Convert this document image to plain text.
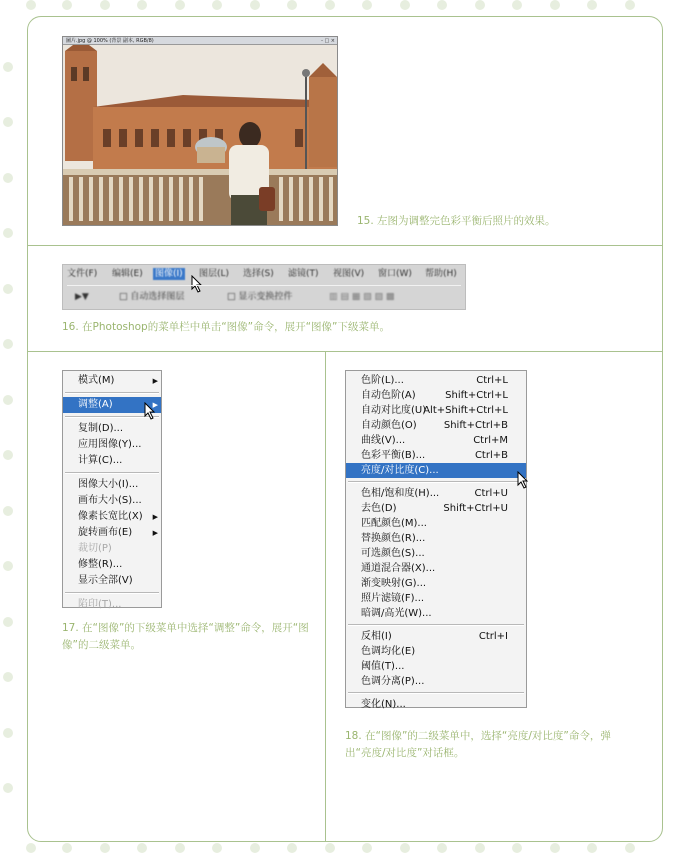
圖片.jpg @ 100% (背景 副本, RGB/8)	- □ ×
15. 左图为调整完色彩平衡后照片的效果。
文件(F) 编辑(E) 图像(I) 图层(L) 选择(S) 滤镜(T) 视图(V) 窗口(W) 帮助(H)
▶▼	□ 自动选择图层	□ 显示变换控件	▥ ▤ ▦ ▧ ▨ ▩
16. 在Photoshop的菜单栏中单击“图像”命令，展开“图像”下级菜单。
模式(M)	▶
调整(A)	▶
复制(D)...
应用图像(Y)...
计算(C)...
图像大小(I)...
画布大小(S)...
像素长宽比(X) ▶
旋转画布(E)	▶
裁切(P)
修整(R)...
显示全部(V)
陷印(T)...
17. 在“图像”的下级菜单中选择“调整”命令，展开“图像”的二级菜单。
色阶(L)...	Ctrl+L
自动色阶(A)	Shift+Ctrl+L
自动对比度(U)
Alt+Shift+Ctrl+L
自动颜色(O)	Shift+Ctrl+B
曲线(V)...	Ctrl+M
色彩平衡(B)...	Ctrl+B
亮度/对比度(C)...
色相/饱和度(H)...	Ctrl+U
去色(D)	Shift+Ctrl+U
匹配颜色(M)...
替换颜色(R)...
可选颜色(S)...
通道混合器(X)...
渐变映射(G)...
照片滤镜(F)...
暗调/高光(W)...
反相(I)	Ctrl+I
色调均化(E)
阈值(T)...
色调分离(P)...
变化(N)...
18. 在“图像”的二级菜单中，选择“亮度/对比度”命令，弹出“亮度/对比度”对话框。
